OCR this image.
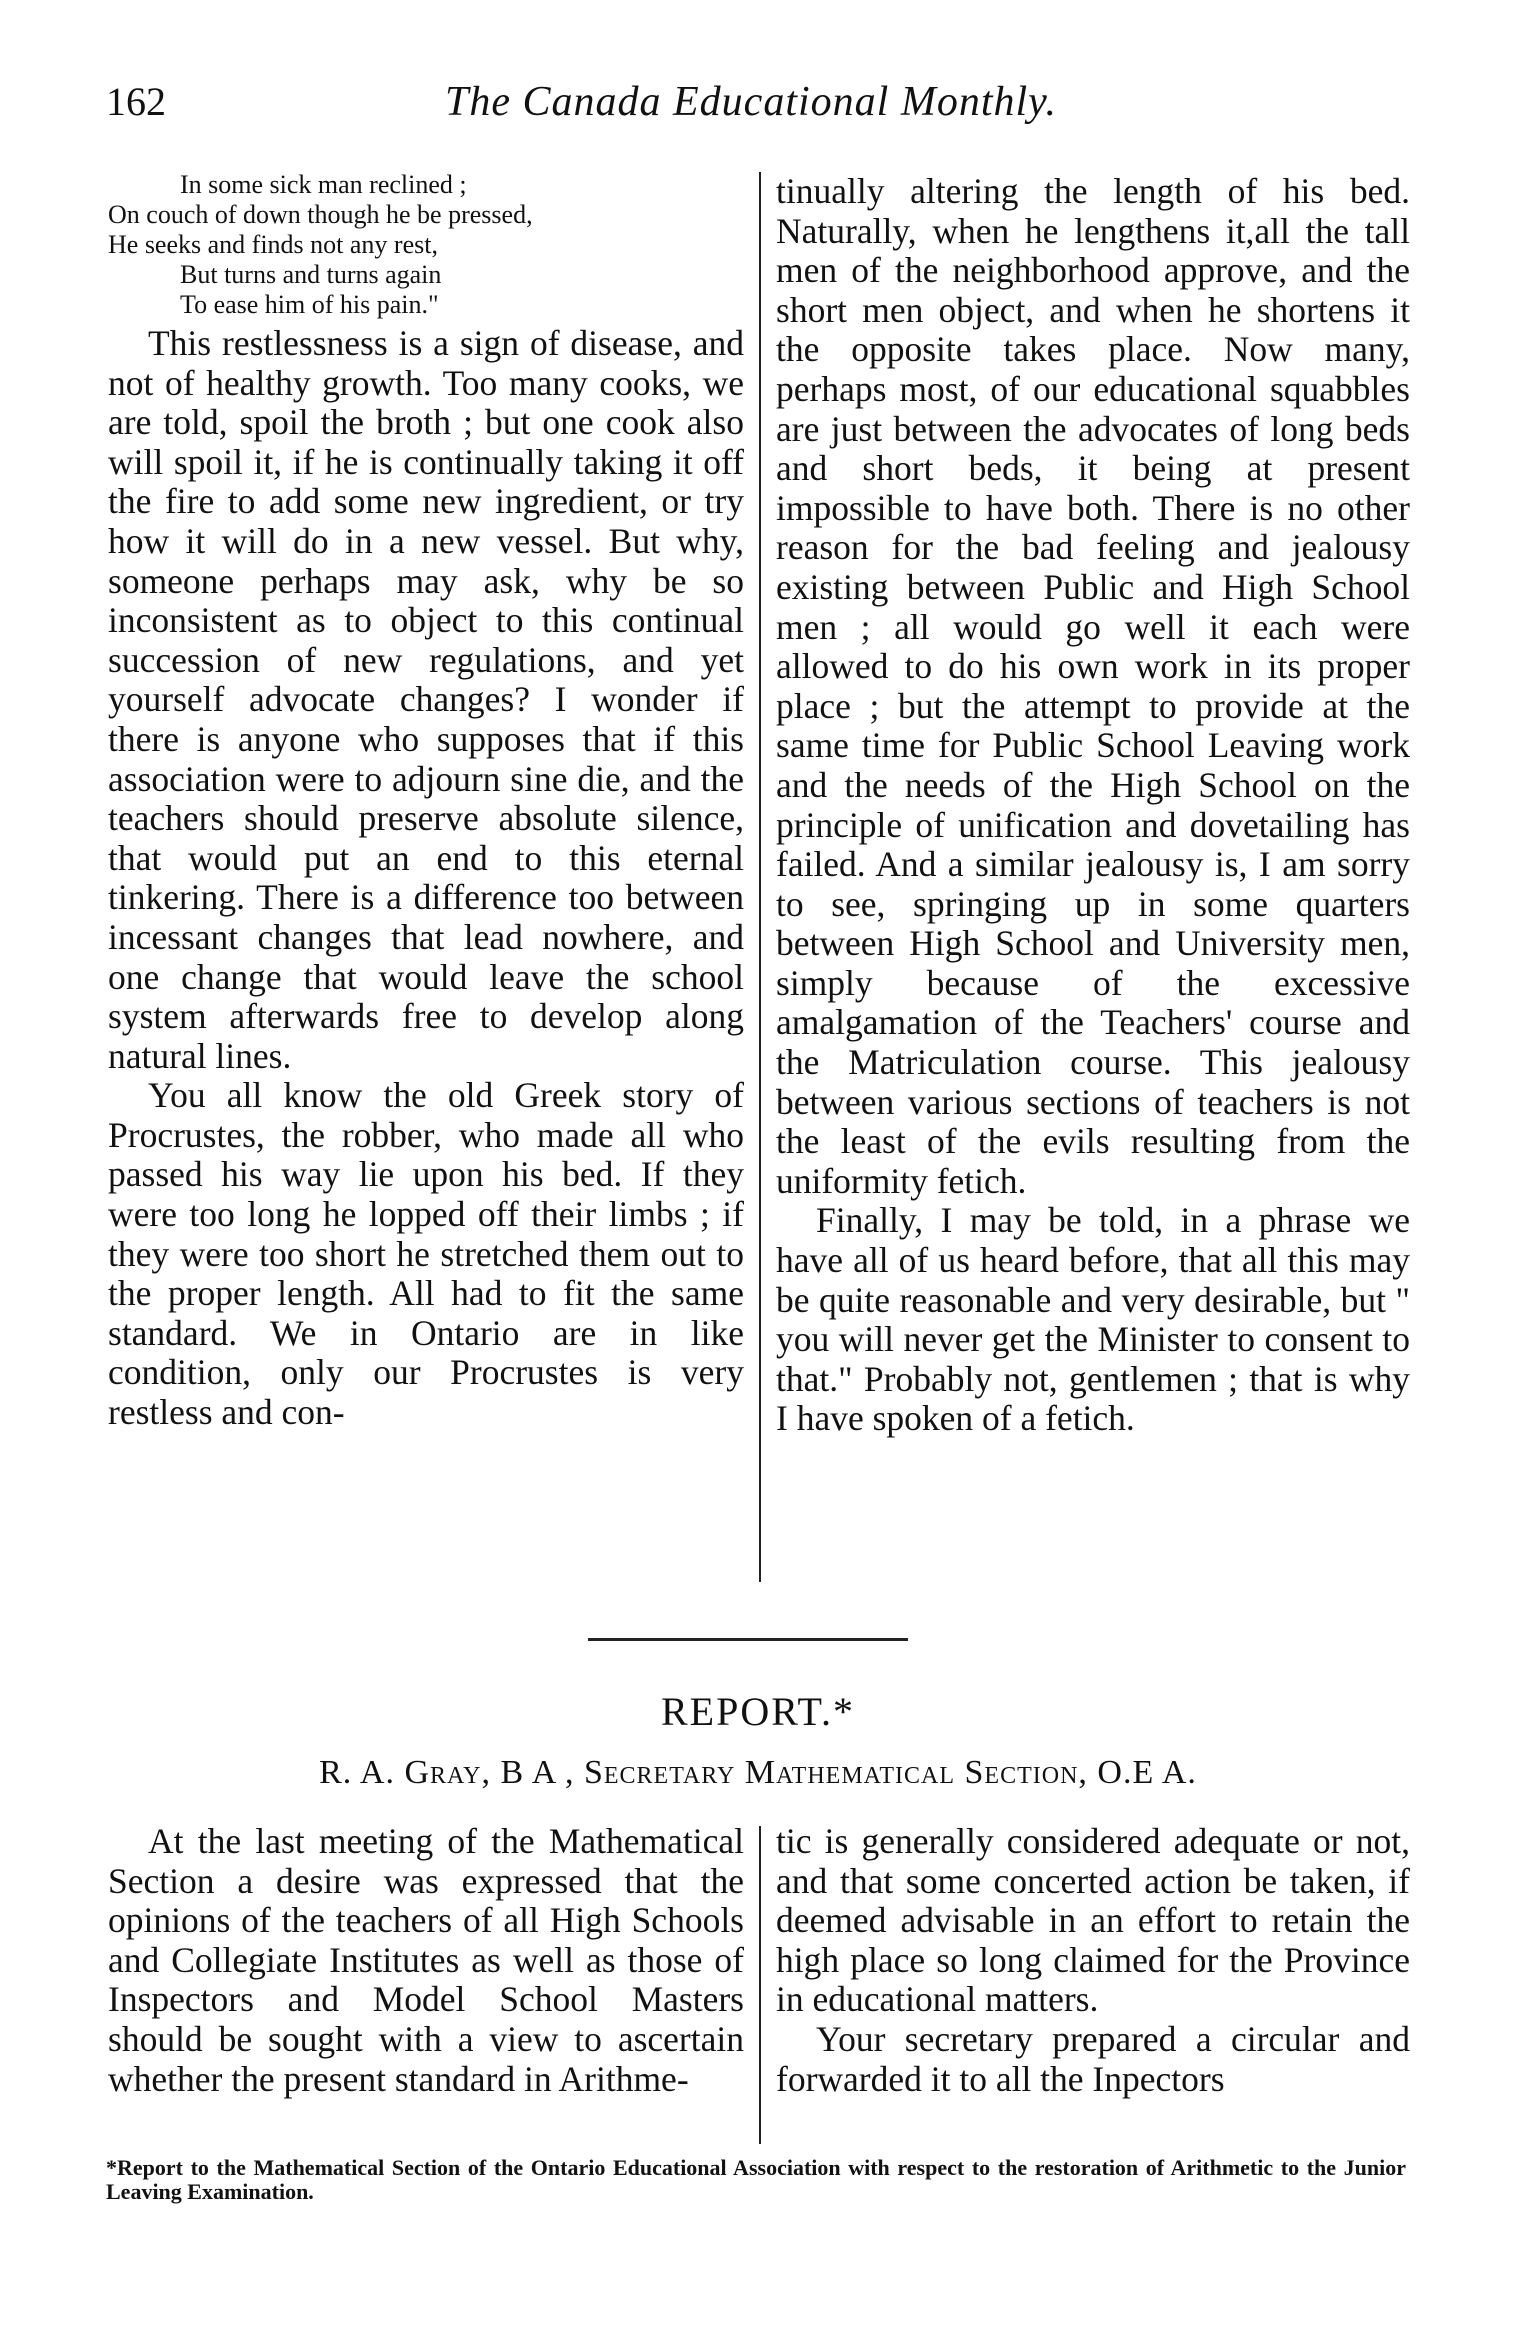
162	The Canada Educational Monthly.
In some sick man reclined ;
On couch of down though he be pressed,
He seeks and finds not any rest,
But turns and turns again
To ease him of his pain."

This restlessness is a sign of disease, and not of healthy growth. Too many cooks, we are told, spoil the broth ; but one cook also will spoil it, if he is continually taking it off the fire to add some new ingredient, or try how it will do in a new vessel. But why, someone perhaps may ask, why be so inconsistent as to object to this continual succession of new regulations, and yet yourself advocate changes? I wonder if there is anyone who supposes that if this association were to adjourn sine die, and the teachers should preserve absolute silence, that would put an end to this eternal tinkering. There is a difference too between incessant changes that lead nowhere, and one change that would leave the school system afterwards free to develop along natural lines.

You all know the old Greek story of Procrustes, the robber, who made all who passed his way lie upon his bed. If they were too long he lopped off their limbs ; if they were too short he stretched them out to the proper length. All had to fit the same standard. We in Ontario are in like condition, only our Procrustes is very restless and con-

tinually altering the length of his bed. Naturally, when he lengthens it,all the tall men of the neighborhood approve, and the short men object, and when he shortens it the opposite takes place. Now many, perhaps most, of our educational squabbles are just between the advocates of long beds and short beds, it being at present impossible to have both. There is no other reason for the bad feeling and jealousy existing between Public and High School men ; all would go well it each were allowed to do his own work in its proper place ; but the attempt to provide at the same time for Public School Leaving work and the needs of the High School on the principle of unification and dovetailing has failed. And a similar jealousy is, I am sorry to see, springing up in some quarters between High School and University men, simply because of the excessive amalgamation of the Teachers' course and the Matriculation course. This jealousy between various sections of teachers is not the least of the evils resulting from the uniformity fetich.

Finally, I may be told, in a phrase we have all of us heard before, that all this may be quite reasonable and very desirable, but " you will never get the Minister to consent to that." Probably not, gentlemen ; that is why I have spoken of a fetich.

REPORT.*
R. A. Gray, B A , Secretary Mathematical Section, O.E A.

At the last meeting of the Mathematical Section a desire was expressed that the opinions of the teachers of all High Schools and Collegiate Institutes as well as those of Inspectors and Model School Masters should be sought with a view to ascertain whether the present standard in Arithme-

tic is generally considered adequate or not, and that some concerted action be taken, if deemed advisable in an effort to retain the high place so long claimed for the Province in educational matters.

Your secretary prepared a circular and forwarded it to all the Inpectors

*Report to the Mathematical Section of the Ontario Educational Association with respect to the restoration of Arithmetic to the Junior Leaving Examination.
